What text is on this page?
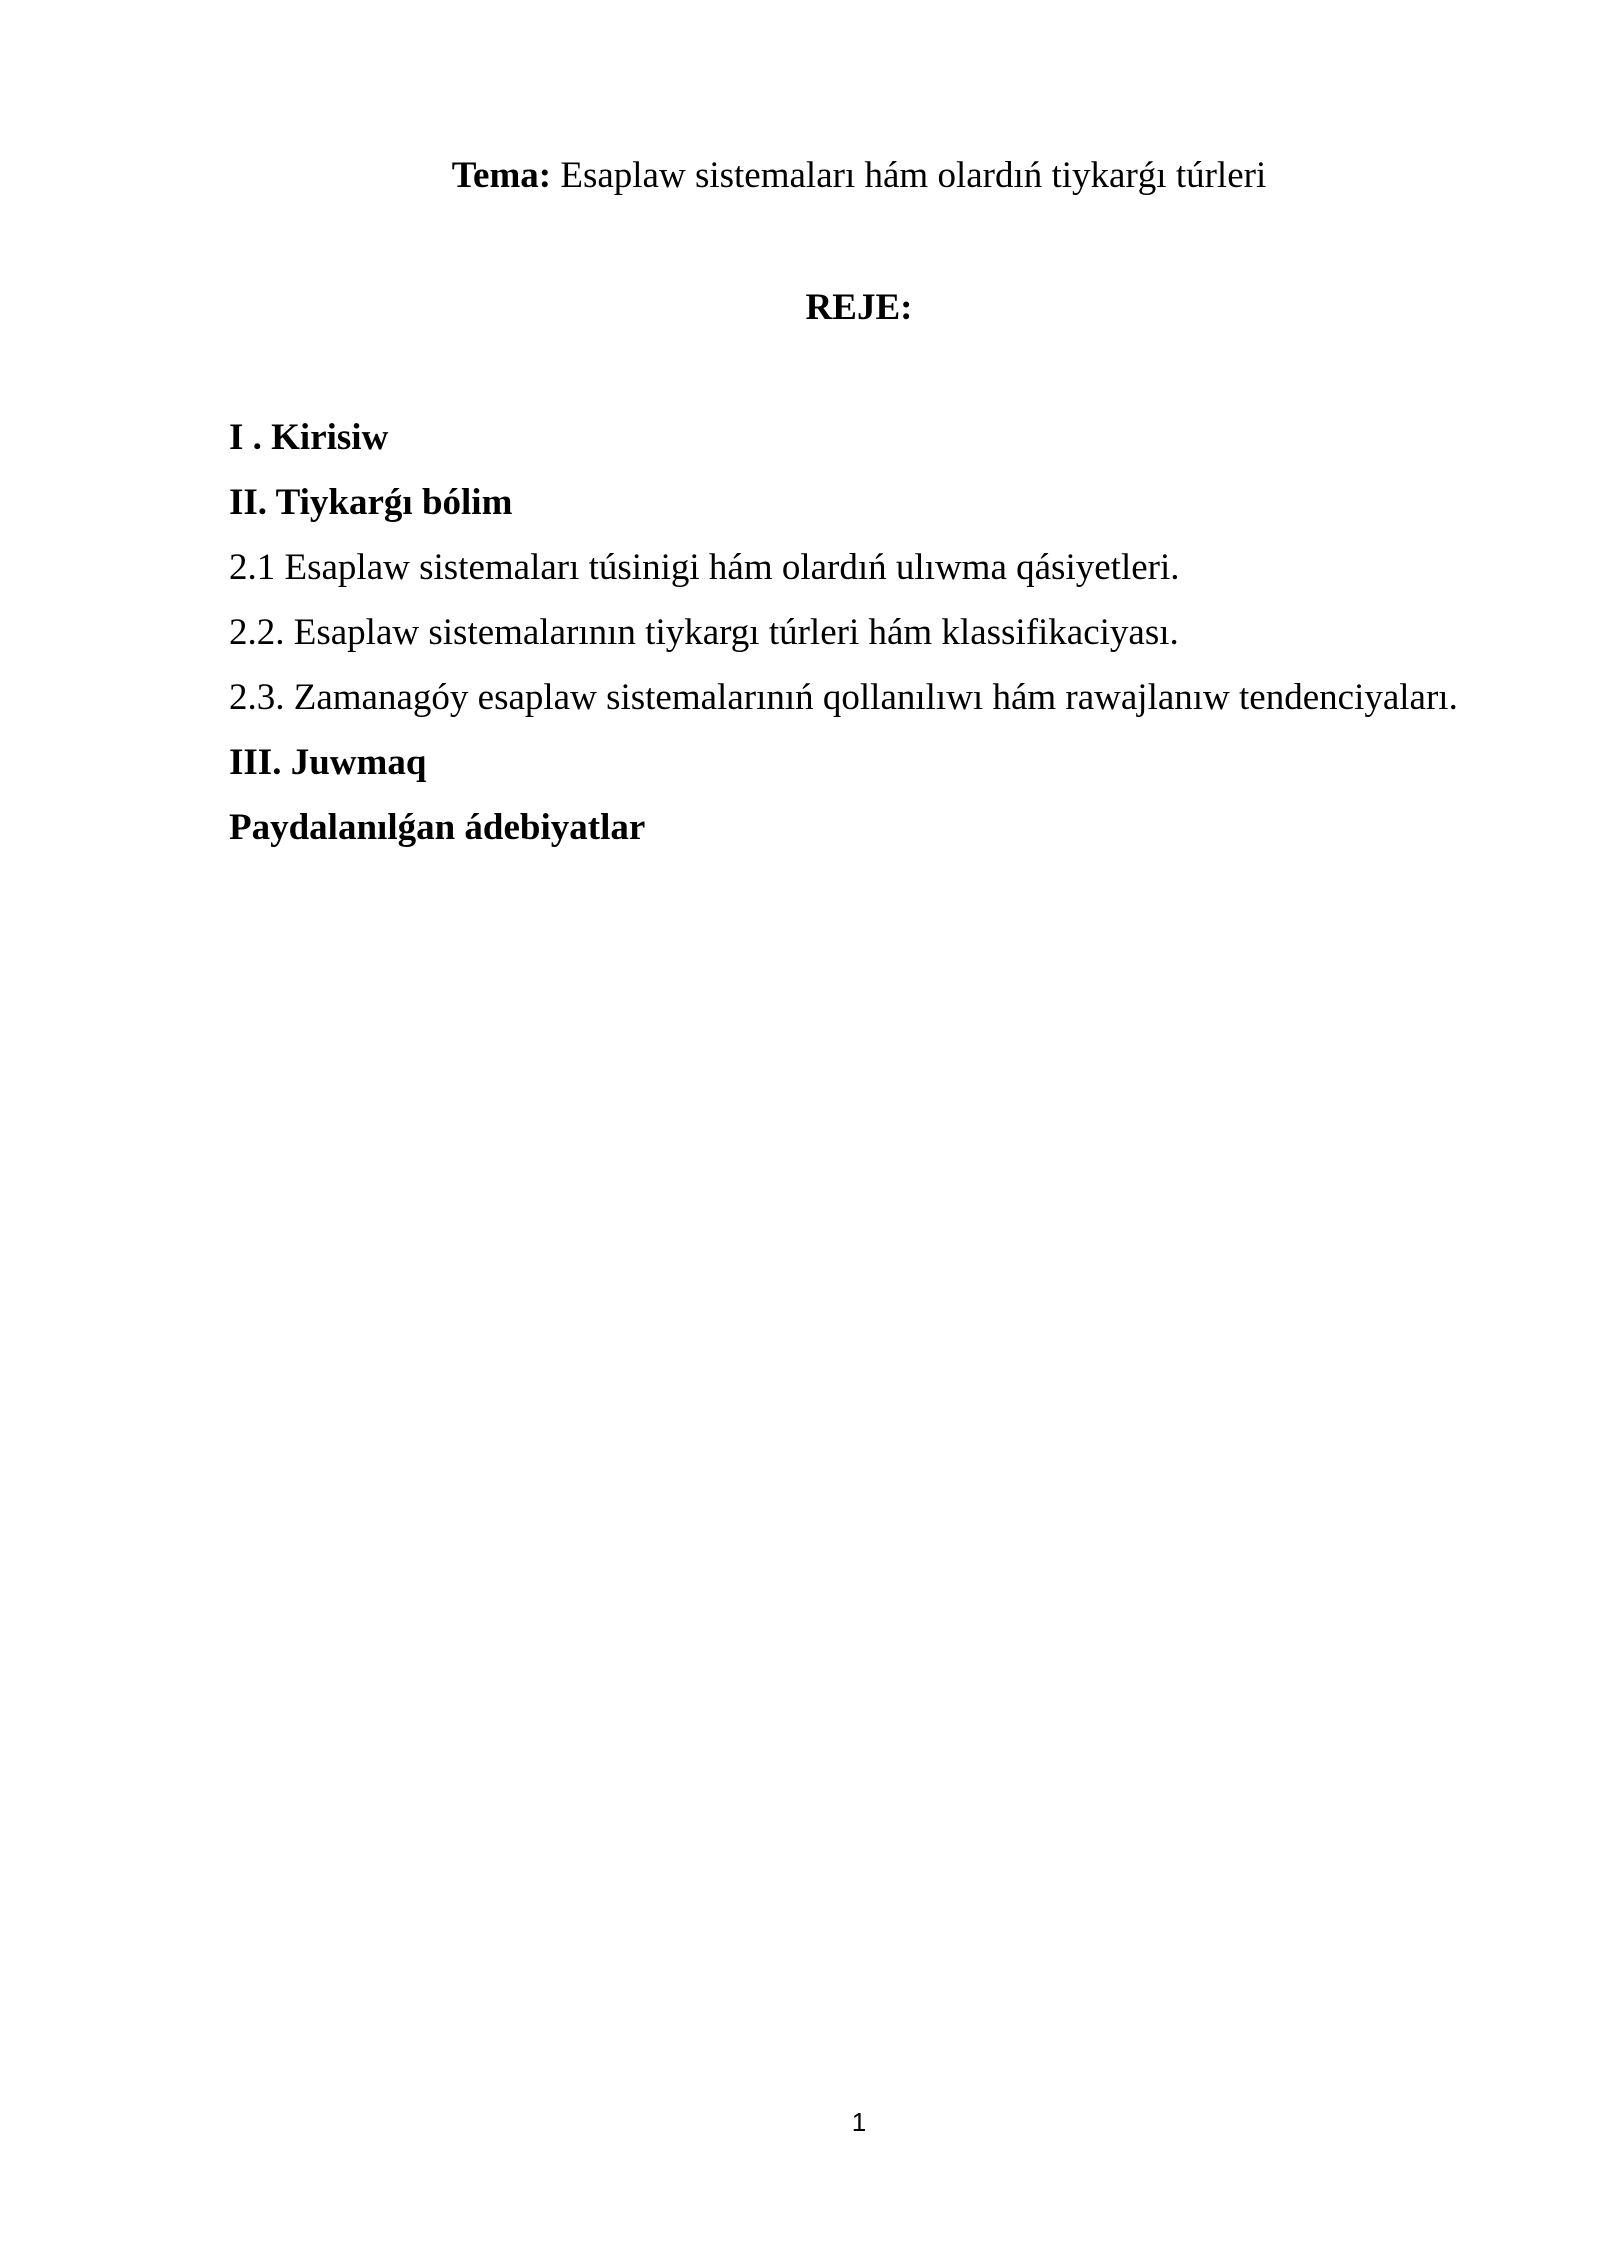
Tema: Esaplaw sistemaları hám olardıń tiykarǵı túrleri
REJE:
I . Kirisiw
II. Tiykarǵı bólim
2.1 Esaplaw sistemaları túsinigi hám olardıń ulıwma qásiyetleri.
2.2. Esaplaw sistemalarının tiykargı túrleri hám klassifikaciyası.
2.3. Zamanagóy esaplaw sistemalarınıń qollanılıwı hám rawajlanıw tendenciyaları.
III. Juwmaq
Paydalanılǵan ádebiyatlar
1
